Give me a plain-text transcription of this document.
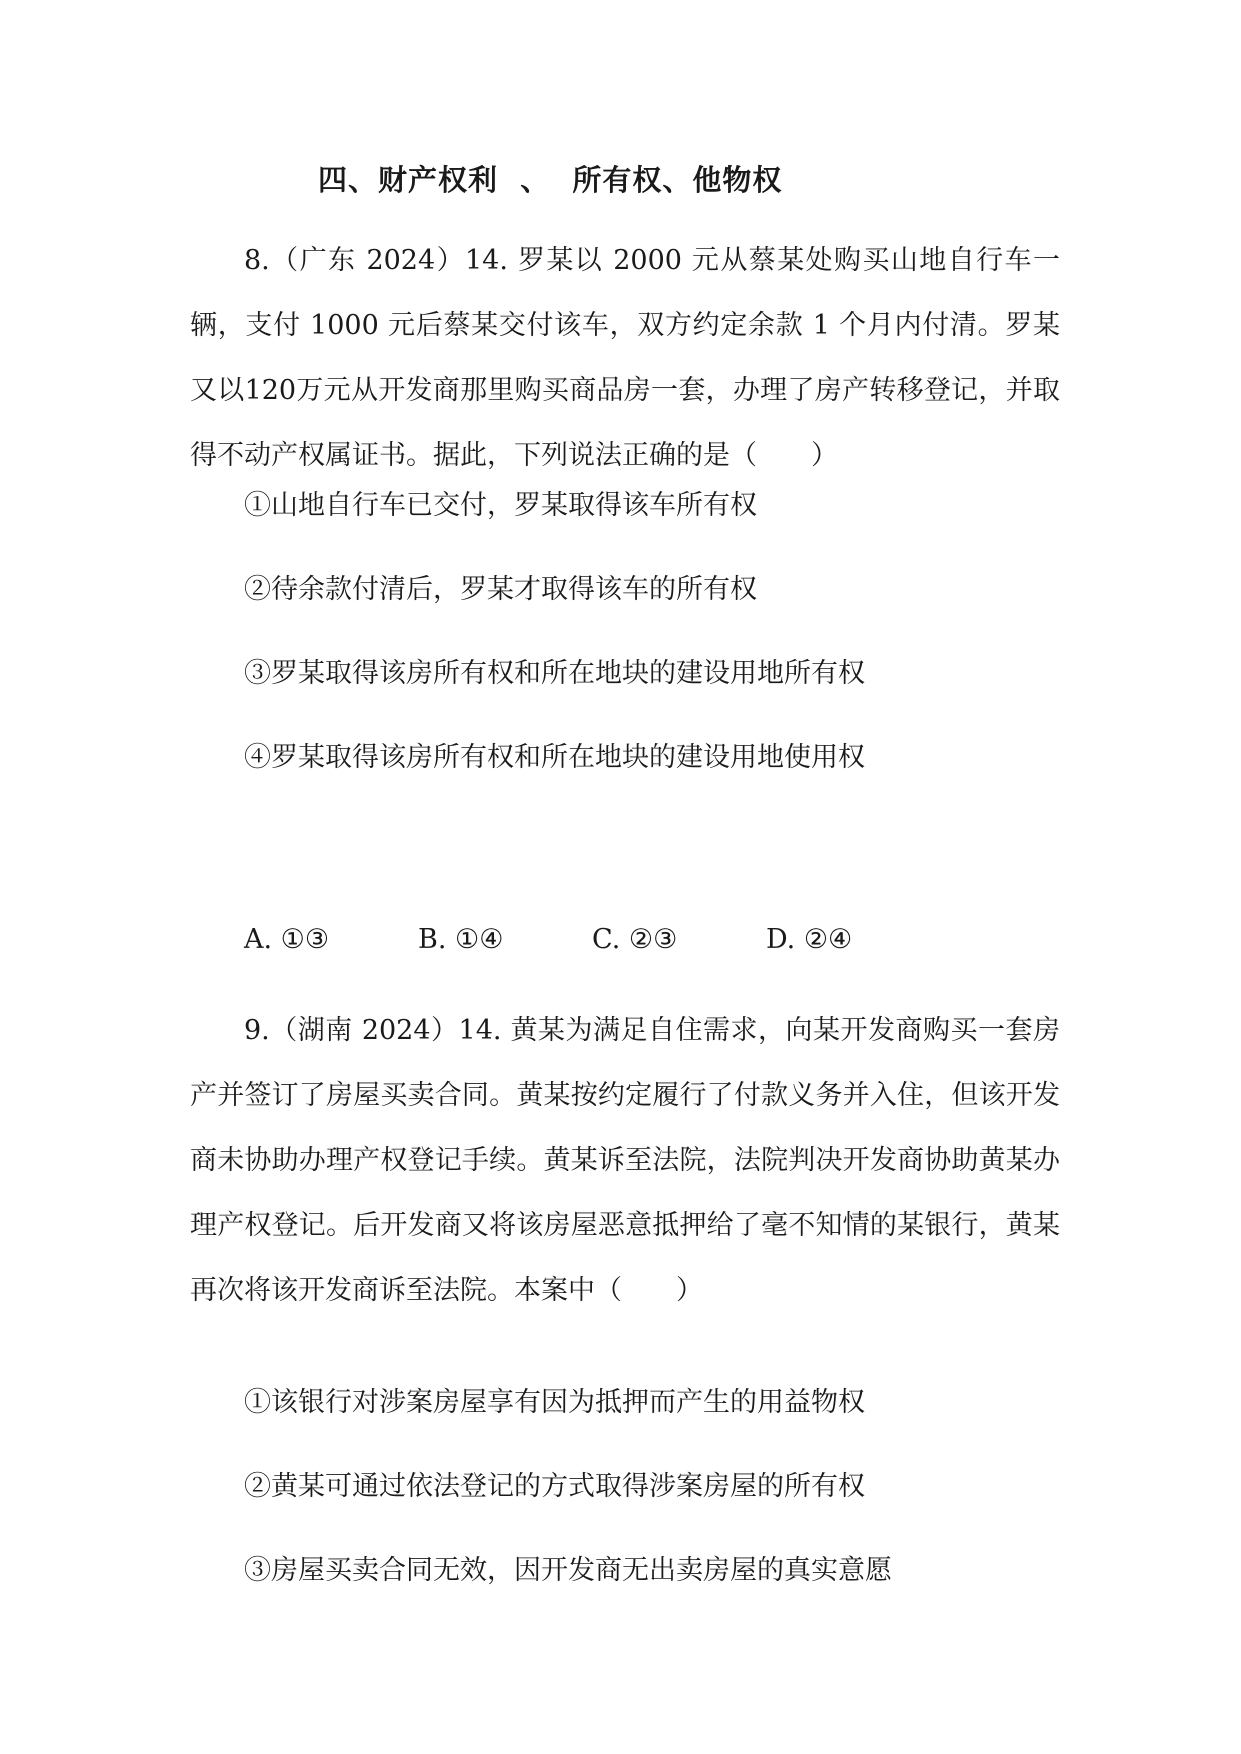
四、财产权利  、  所有权、他物权

8.（广东 2024）14. 罗某以 2000 元从蔡某处购买山地自行车一辆，支付 1000 元后蔡某交付该车，双方约定余款 1 个月内付清。罗某又以120万元从开发商那里购买商品房一套，办理了房产转移登记，并取得不动产权属证书。据此，下列说法正确的是（　　）

①山地自行车已交付，罗某取得该车所有权

②待余款付清后，罗某才取得该车的所有权

③罗某取得该房所有权和所在地块的建设用地所有权

④罗某取得该房所有权和所在地块的建设用地使用权

A. ①③	B. ①④	C. ②③	D. ②④

9.（湖南 2024）14. 黄某为满足自住需求，向某开发商购买一套房产并签订了房屋买卖合同。黄某按约定履行了付款义务并入住，但该开发商未协助办理产权登记手续。黄某诉至法院，法院判决开发商协助黄某办理产权登记。后开发商又将该房屋恶意抵押给了毫不知情的某银行，黄某再次将该开发商诉至法院。本案中（　　）

①该银行对涉案房屋享有因为抵押而产生的用益物权

②黄某可通过依法登记的方式取得涉案房屋的所有权

③房屋买卖合同无效，因开发商无出卖房屋的真实意愿
